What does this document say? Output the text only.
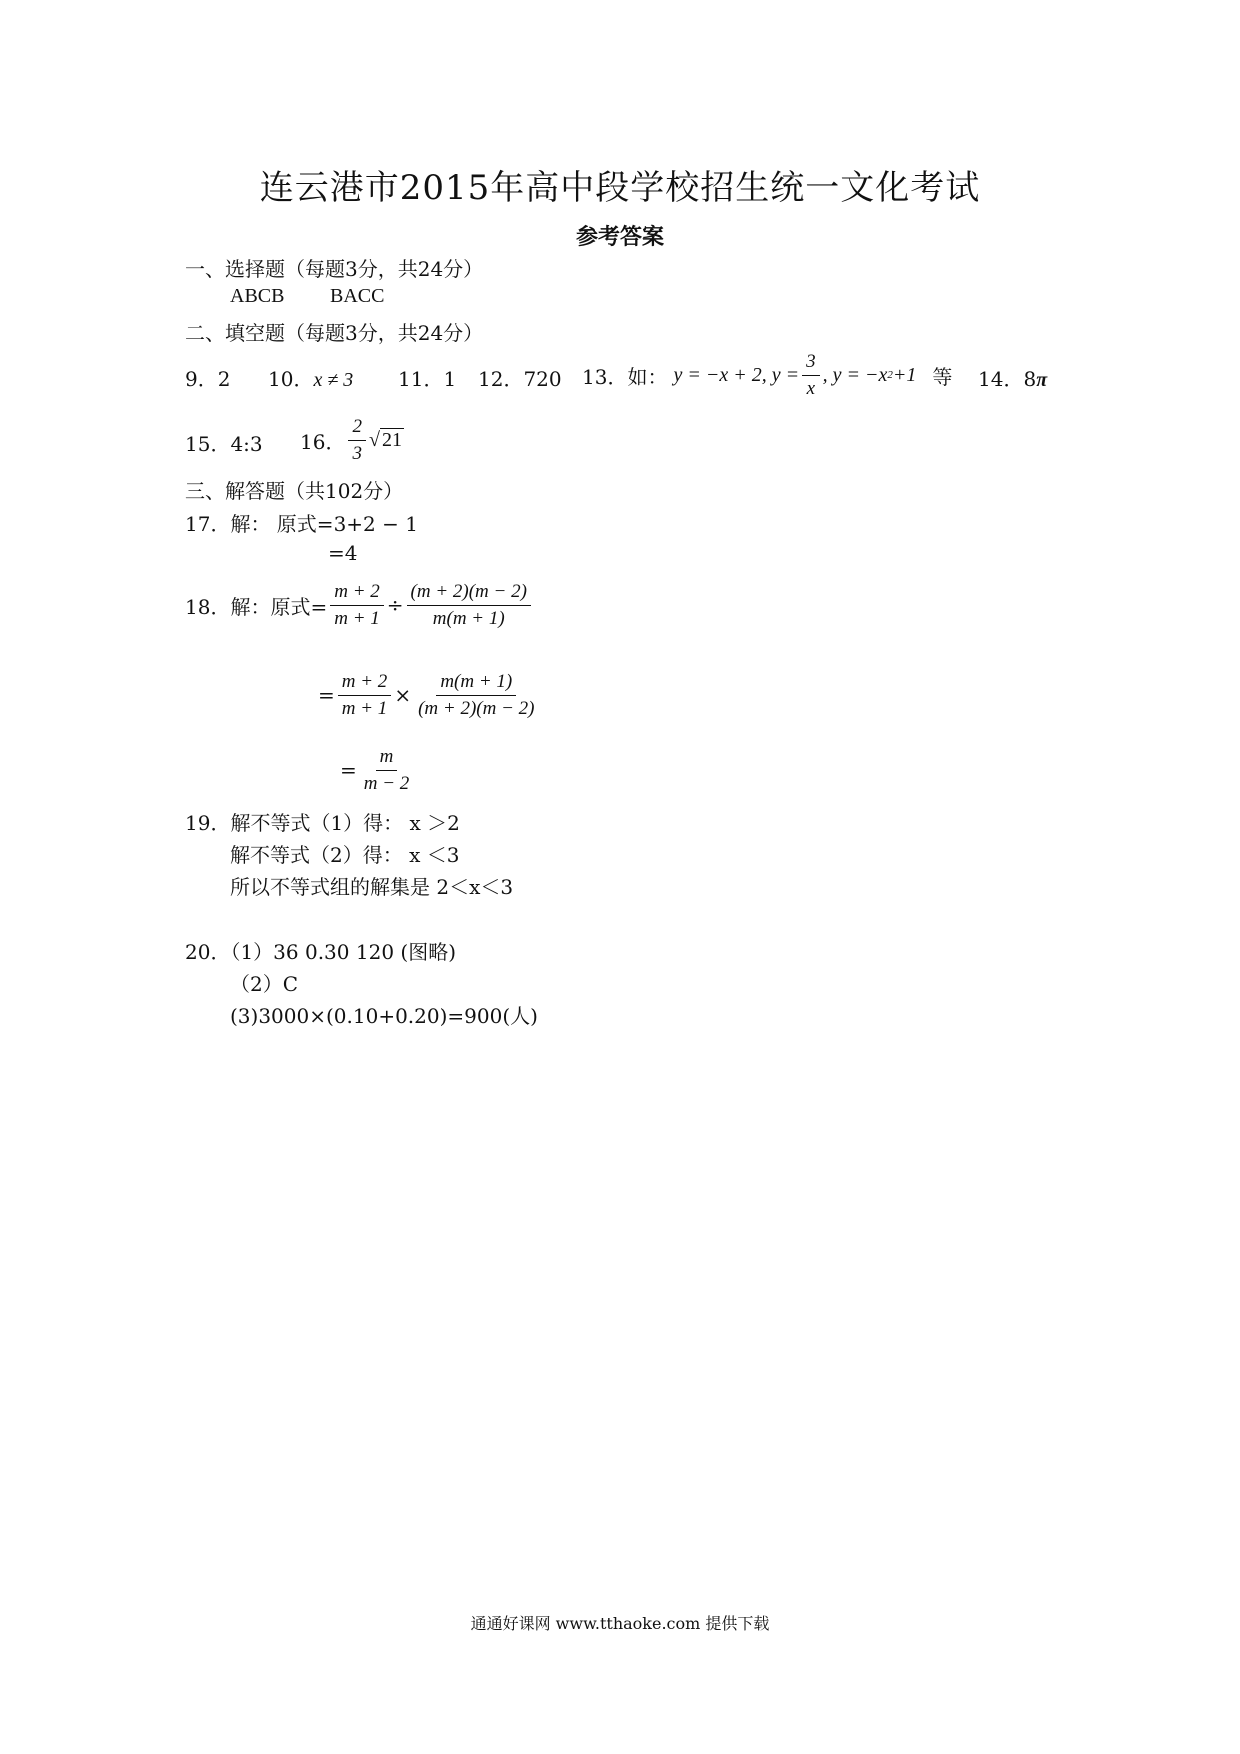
连云港市2015年高中段学校招生统一文化考试
参考答案
一、选择题（每题3分，共24分）
ABCB BACC
二、填空题（每题3分，共24分）
9．2 10．x ≠ 3 11．1 12．720 13．如： y = −x + 2, $y = \frac{3}{x}$ , y = −x 2 +1 等 14．8π
15．4:3 16． $\frac{2}{3}$ √ 21
三、解答题（共102分）
17．解： 原式=3+2 − 1
=4
18．解：原式= $\frac{m + 2}{m + 1} \div \frac{(m + 2)(m - 2)}{m(m + 1)}$
= $\frac{m + 2}{m + 1} \times \frac{m(m + 1)}{(m + 2)(m - 2)}$
= $\frac{m}{m - 2}$
19．解不等式（1）得： x ＞2
解不等式（2）得： x ＜3
所以不等式组的解集是 2＜x＜3
20．（1）36 0.30 120 (图略)
（2）C
(3)3000×(0.10+0.20)=900(人)
通通好课网 www.tthaoke.com 提供下载
